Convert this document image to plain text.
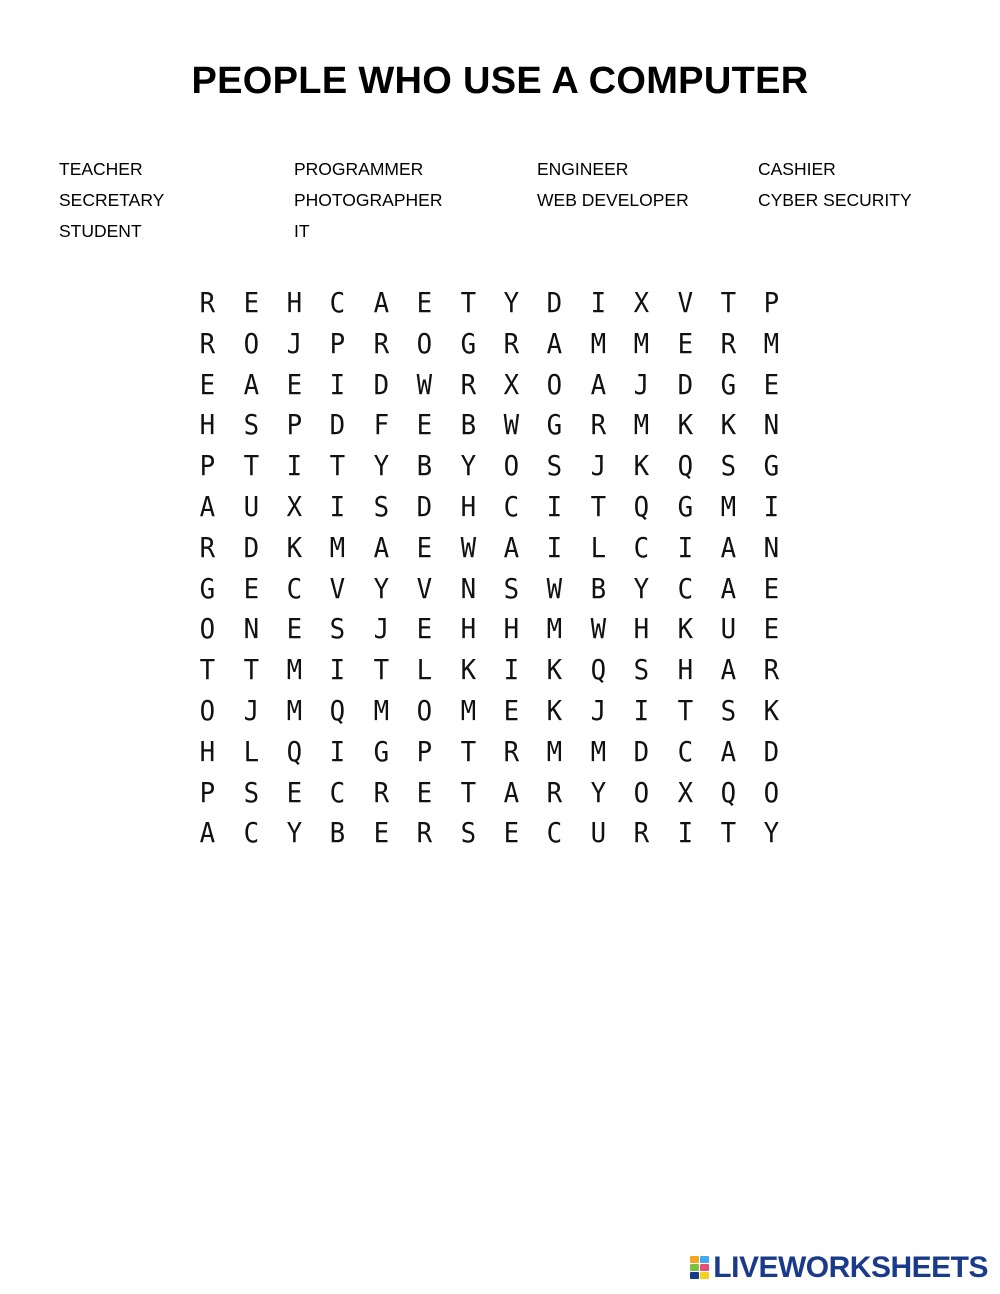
PEOPLE WHO USE A COMPUTER
TEACHER	PROGRAMMER	ENGINEER	CASHIER
SECRETARY	PHOTOGRAPHER	WEB DEVELOPER	CYBER SECURITY
STUDENT	IT
R E H C A E T Y D I X V T P
R O J P R O G R A M M E R M
E A E I D W R X O A J D G E
H S P D F E B W G R M K K N
P T I T Y B Y O S J K Q S G
A U X I S D H C I T Q G M I
R D K M A E W A I L C I A N
G E C V Y V N S W B Y C A E
O N E S J E H H M W H K U E
T T M I T L K I K Q S H A R
O J M Q M O M E K J I T S K
H L Q I G P T R M M D C A D
P S E C R E T A R Y O X Q O
A C Y B E R S E C U R I T Y
LIVEWORKSHEETS
